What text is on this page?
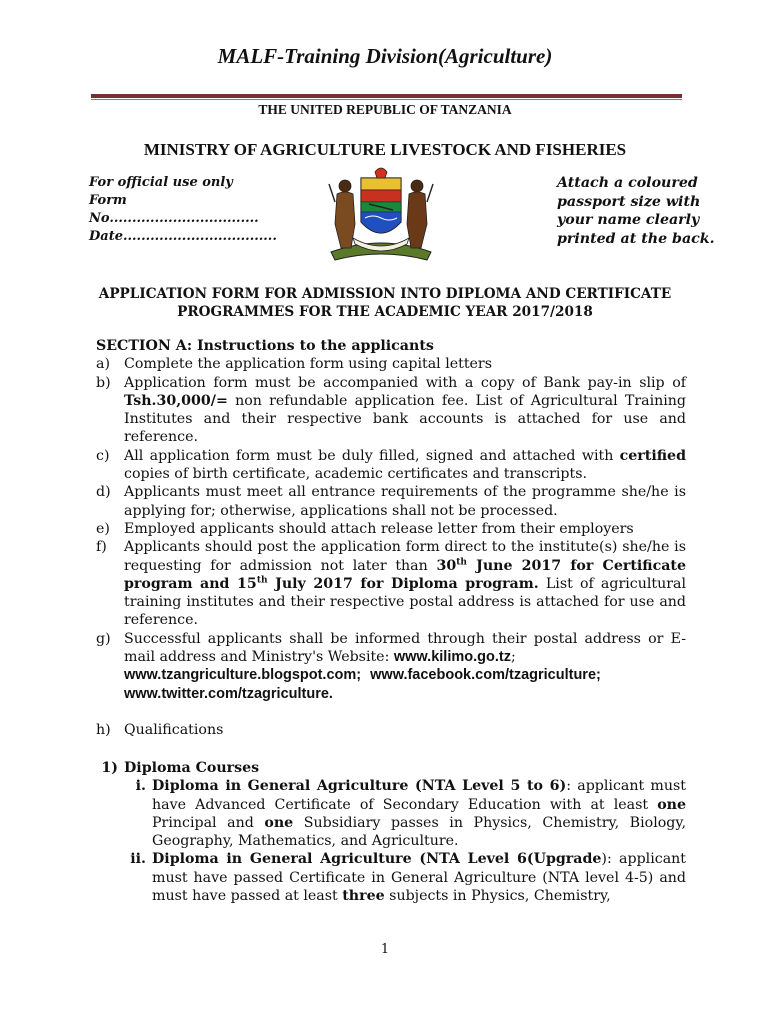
MALF-Training Division(Agriculture)
THE UNITED REPUBLIC OF TANZANIA
MINISTRY OF AGRICULTURE LIVESTOCK AND FISHERIES
For official use only
Form
No.................................
Date..................................
Attach a coloured
passport size with
your name clearly
printed at the back.
APPLICATION FORM FOR ADMISSION INTO DIPLOMA AND CERTIFICATE
PROGRAMMES FOR THE ACADEMIC YEAR 2017/2018
SECTION A: Instructions to the applicants
a) Complete the application form using capital letters
b) Application form must be accompanied with a copy of Bank pay-in slip of Tsh.30,000/= non refundable application fee. List of Agricultural Training Institutes and their respective bank accounts is attached for use and reference.
c)	All application form must be duly filled, signed and attached with certified copies of birth certificate, academic certificates and transcripts.
d) Applicants must meet all entrance requirements of the programme she/he is applying for; otherwise, applications shall not be processed.
e) Employed applicants should attach release letter from their employers
f)	Applicants should post the application form direct to the institute(s) she/he is requesting for admission not later than 30th June 2017 for Certificate program and 15th July 2017 for Diploma program. List of agricultural training institutes and their respective postal address is attached for use and reference.
g) Successful applicants shall be informed through their postal address or E-mail address and Ministry's Website: www.kilimo.go.tz;
www.tzangriculture.blogspot.com; www.facebook.com/tzagriculture;
www.twitter.com/tzagriculture.
h) Qualifications
1) Diploma Courses
i. Diploma in General Agriculture (NTA Level 5 to 6): applicant must have Advanced Certificate of Secondary Education with at least one Principal and one Subsidiary passes in Physics, Chemistry, Biology, Geography, Mathematics, and Agriculture.
ii. Diploma in General Agriculture (NTA Level 6(Upgrade): applicant must have passed Certificate in General Agriculture (NTA level 4-5) and must have passed at least three subjects in Physics, Chemistry,
1
